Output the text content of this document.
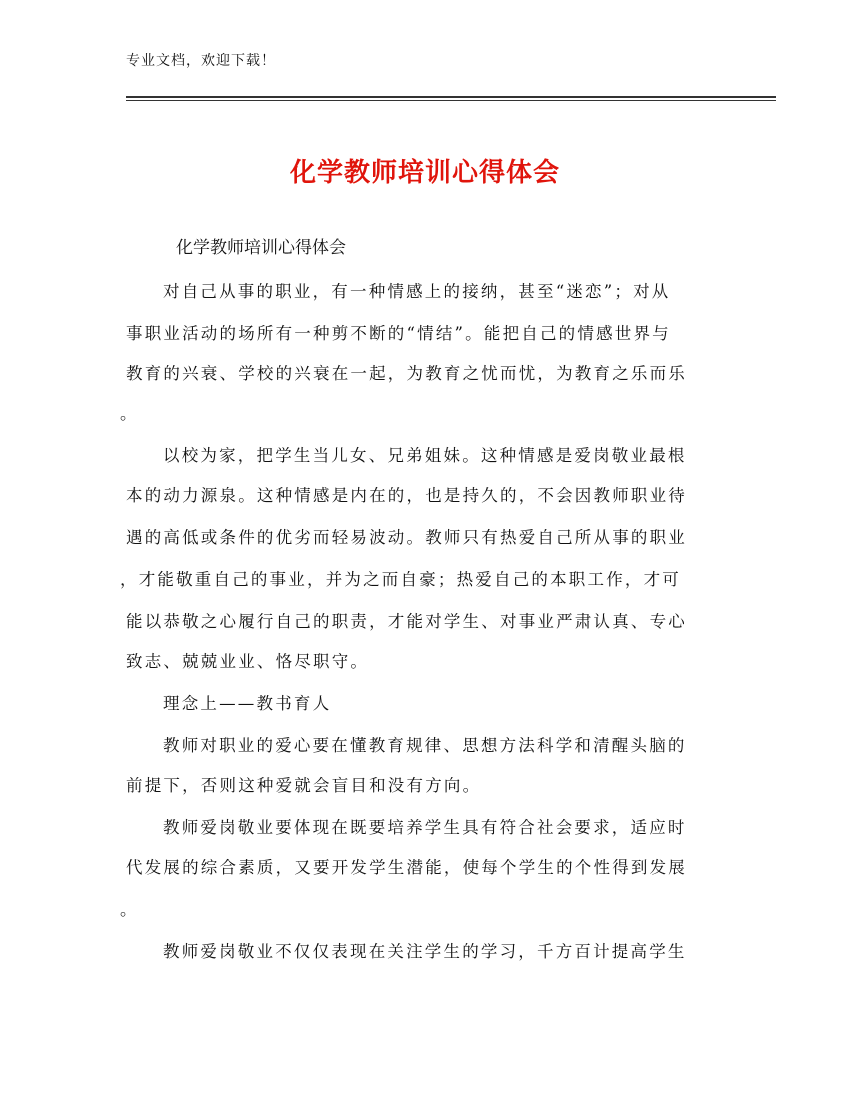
专业文档，欢迎下载！
化学教师培训心得体会
化学教师培训心得体会
对自己从事的职业，有一种情感上的接纳，甚至“迷恋”；对从
事职业活动的场所有一种剪不断的“情结”。能把自己的情感世界与
教育的兴衰、学校的兴衰在一起，为教育之忧而忧，为教育之乐而乐
。
以校为家，把学生当儿女、兄弟姐妹。这种情感是爱岗敬业最根
本的动力源泉。这种情感是内在的，也是持久的，不会因教师职业待
遇的高低或条件的优劣而轻易波动。教师只有热爱自己所从事的职业
，才能敬重自己的事业，并为之而自豪；热爱自己的本职工作，才可
能以恭敬之心履行自己的职责，才能对学生、对事业严肃认真、专心
致志、兢兢业业、恪尽职守。
理念上——教书育人
教师对职业的爱心要在懂教育规律、思想方法科学和清醒头脑的
前提下，否则这种爱就会盲目和没有方向。
教师爱岗敬业要体现在既要培养学生具有符合社会要求，适应时
代发展的综合素质，又要开发学生潜能，使每个学生的个性得到发展
。
教师爱岗敬业不仅仅表现在关注学生的学习，千方百计提高学生
